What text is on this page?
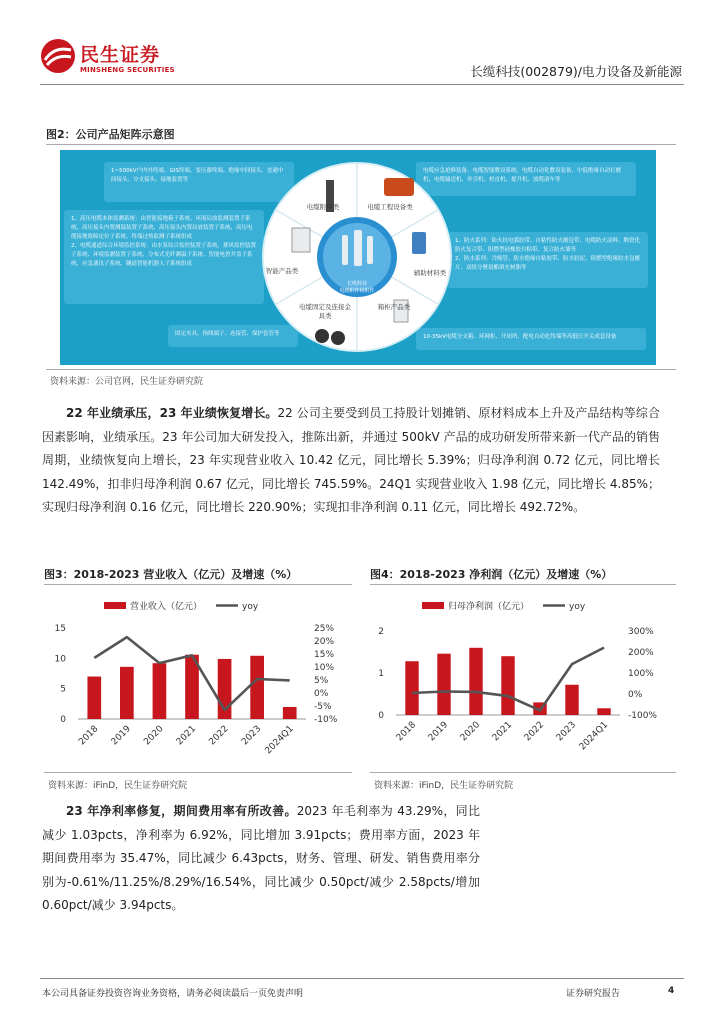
民生证券
MINSHENG SECURITIES	长缆科技(002879)/电力设备及新能源
图2：公司产品矩阵示意图
1~500kV户内外终端、GIS终端、变压器终端、绝缘中间接头、直通中间接头、分支接头、接地装置等
1、高压电缆本体监测系统：由智能接地箱子系统、环流局放监测装置子系统、高压接头内置测温装置子系统、高压接头内置局放装置子系统、高压电缆接地故障定位子系统、终端过热监测子系统组成
2、电缆通道综合环境监控系统：由水泵综合监控装置子系统、排风监控装置子系统、环境监测装置子系统、分布式光纤测温子系统、智能电控井盖子系统、应急通讯子系统、隧道智能机器人子系统组成
固定夹具、指线端子、连接管、保护套管等
电缆应急抢修装备、电缆智能敷设系统、电缆自动化敷设装备、中低绝缘自动打磨机、电缆输送机、牵引机、校直机、提升机、放缆滚车等
1、防火系列：防火抗电弧胶带、自粘性防火缠包带、电缆防火涂料、陶瓷化防火复合带、阻燃型硅橡胶自粘带、复合防火墙等
2、防水系列：冷缩管、防水绝缘自粘胶带、防水胶泥、阻燃型绝缘胶水包覆片、双组分聚氨酯填充树脂等
10-35kV电缆分支箱、环网柜、开闭所、配电自动化终端等高低压开关成套设备
电缆附件类	电缆工程设备类
辅助材料类
箱柜产品类
电缆固定及连接金具类
智能产品类
长缆科技
电缆附件和附件
资料来源：公司官网，民生证券研究院
22 年业绩承压，23 年业绩恢复增长。22 公司主要受到员工持股计划摊销、原材料成本上升及产品结构等综合因素影响，业绩承压。23 年公司加大研发投入，推陈出新，并通过 500kV 产品的成功研发所带来新一代产品的销售周期，业绩恢复向上增长，23 年实现营业收入 10.42 亿元，同比增长 5.39%；归母净利润 0.72 亿元，同比增长 142.49%，扣非归母净利润 0.67 亿元，同比增长 745.59%。24Q1 实现营业收入 1.98 亿元，同比增长 4.85%；实现归母净利润 0.16 亿元，同比增长 220.90%；实现扣非净利润 0.11 亿元，同比增长 492.72%。
图3：2018-2023 营业收入（亿元）及增速（%）	图4：2018-2023 净利润（亿元）及增速（%）
营业收入（亿元）	yoy
0
5
10
15	25%
20%
15%
10%
5%
0%
-5%
-10%
2018 2019 2020 2021 2022 2023 2024Q1
归母净利润（亿元）	yoy
0
1
2	300%
200%
100%
0%
-100%
2018 2019 2020 2021 2022 2023 2024Q1
资料来源：iFinD，民生证券研究院	资料来源：iFinD，民生证券研究院
23 年净利率修复，期间费用率有所改善。2023 年毛利率为 43.29%，同比减少 1.03pcts，净利率为 6.92%，同比增加 3.91pcts；费用率方面，2023 年期间费用率为 35.47%，同比减少 6.43pcts，财务、管理、研发、销售费用率分别为-0.61%/11.25%/8.29%/16.54%，同比减少 0.50pct/减少 2.58pcts/增加 0.60pct/减少 3.94pcts。
本公司具备证券投资咨询业务资格，请务必阅读最后一页免责声明	证券研究报告	4
